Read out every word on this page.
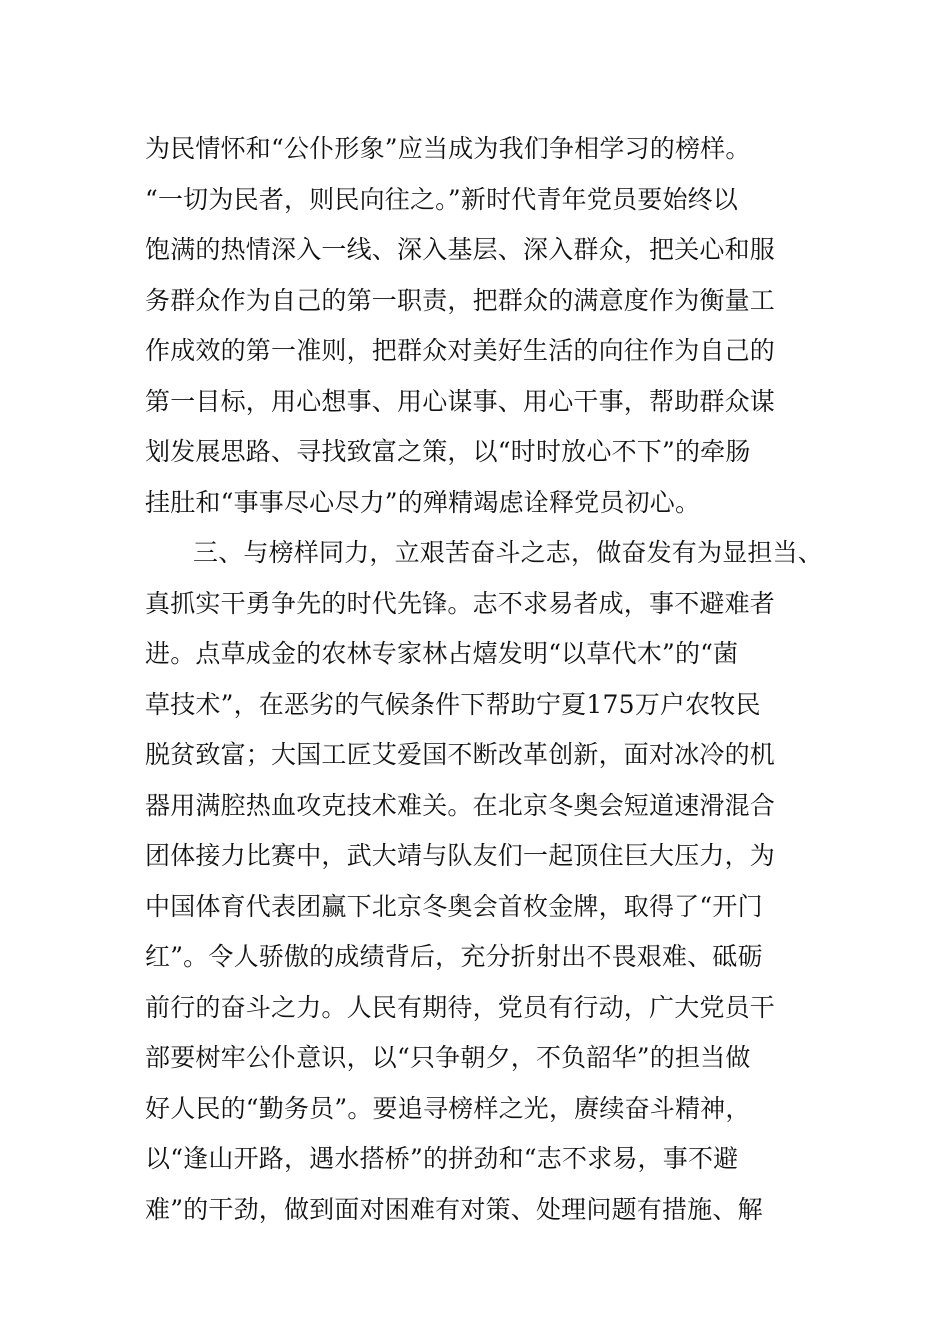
为民情怀和“公仆形象”应当成为我们争相学习的榜样。
“一切为民者，则民向往之。”新时代青年党员要始终以
饱满的热情深入一线、深入基层、深入群众，把关心和服
务群众作为自己的第一职责，把群众的满意度作为衡量工
作成效的第一准则，把群众对美好生活的向往作为自己的
第一目标，用心想事、用心谋事、用心干事，帮助群众谋
划发展思路、寻找致富之策，以“时时放心不下”的牵肠
挂肚和“事事尽心尽力”的殚精竭虑诠释党员初心。
三、与榜样同力，立艰苦奋斗之志，做奋发有为显担当、
真抓实干勇争先的时代先锋。志不求易者成，事不避难者
进。点草成金的农林专家林占熺发明“以草代木”的“菌
草技术”，在恶劣的气候条件下帮助宁夏175万户农牧民
脱贫致富；大国工匠艾爱国不断改革创新，面对冰冷的机
器用满腔热血攻克技术难关。在北京冬奥会短道速滑混合
团体接力比赛中，武大靖与队友们一起顶住巨大压力，为
中国体育代表团赢下北京冬奥会首枚金牌，取得了“开门
红”。令人骄傲的成绩背后，充分折射出不畏艰难、砥砺
前行的奋斗之力。人民有期待，党员有行动，广大党员干
部要树牢公仆意识，以“只争朝夕，不负韶华”的担当做
好人民的“勤务员”。要追寻榜样之光，赓续奋斗精神，
以“逢山开路，遇水搭桥”的拼劲和“志不求易，事不避
难”的干劲，做到面对困难有对策、处理问题有措施、解
